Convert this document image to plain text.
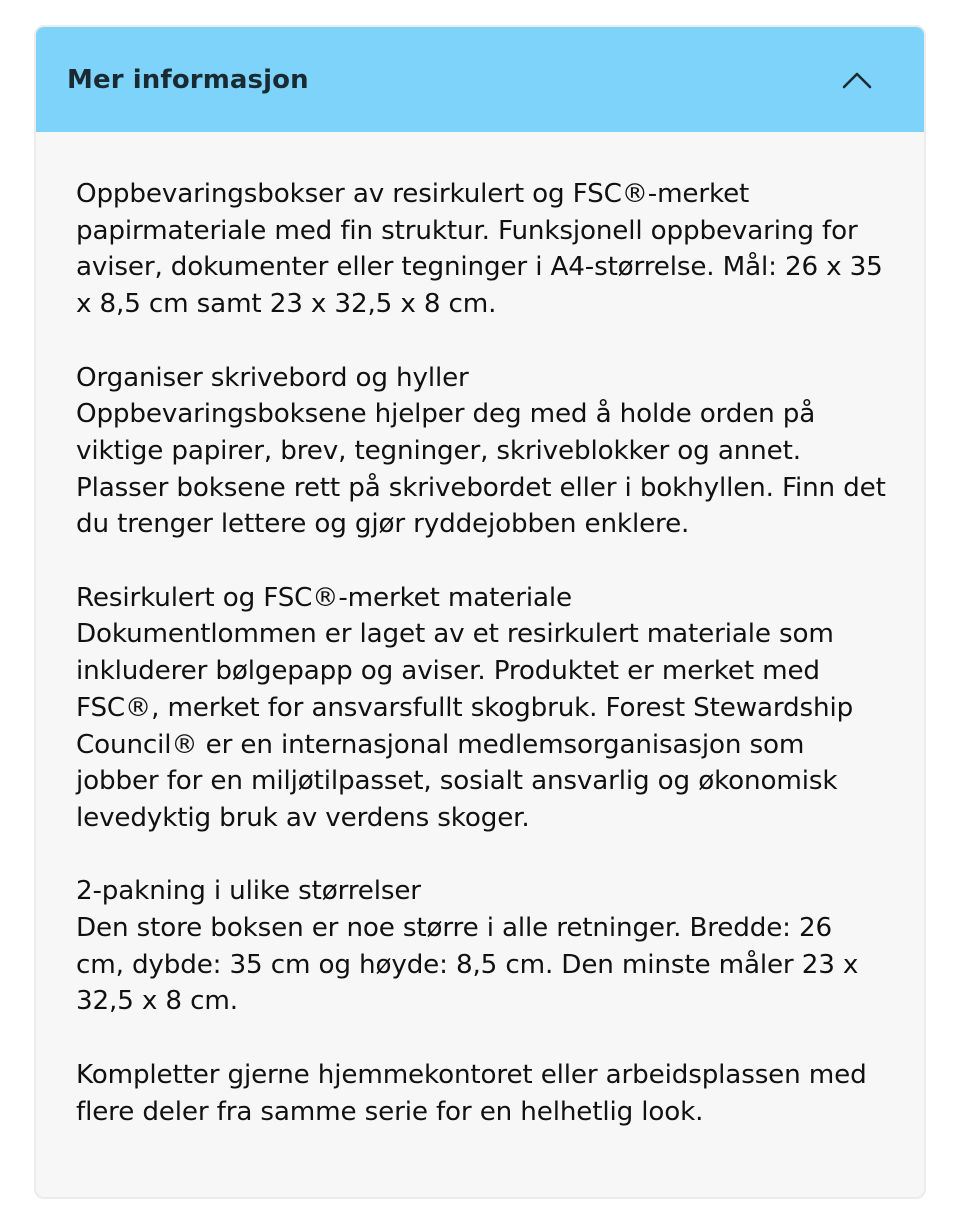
Mer informasjon

Oppbevaringsbokser av resirkulert og FSC®-merket papirmateriale med fin struktur. Funksjonell oppbevaring for aviser, dokumenter eller tegninger i A4-størrelse. Mål: 26 x 35 x 8,5 cm samt 23 x 32,5 x 8 cm.

Organiser skrivebord og hyller
Oppbevaringsboksene hjelper deg med å holde orden på viktige papirer, brev, tegninger, skriveblokker og annet. Plasser boksene rett på skrivebordet eller i bokhyllen. Finn det du trenger lettere og gjør ryddejobben enklere.

Resirkulert og FSC®-merket materiale
Dokumentlommen er laget av et resirkulert materiale som inkluderer bølgepapp og aviser. Produktet er merket med FSC®, merket for ansvarsfullt skogbruk. Forest Stewardship Council® er en internasjonal medlemsorganisasjon som jobber for en miljøtilpasset, sosialt ansvarlig og økonomisk levedyktig bruk av verdens skoger.

2-pakning i ulike størrelser
Den store boksen er noe større i alle retninger. Bredde: 26 cm, dybde: 35 cm og høyde: 8,5 cm. Den minste måler 23 x 32,5 x 8 cm.

Kompletter gjerne hjemmekontoret eller arbeidsplassen med flere deler fra samme serie for en helhetlig look.
